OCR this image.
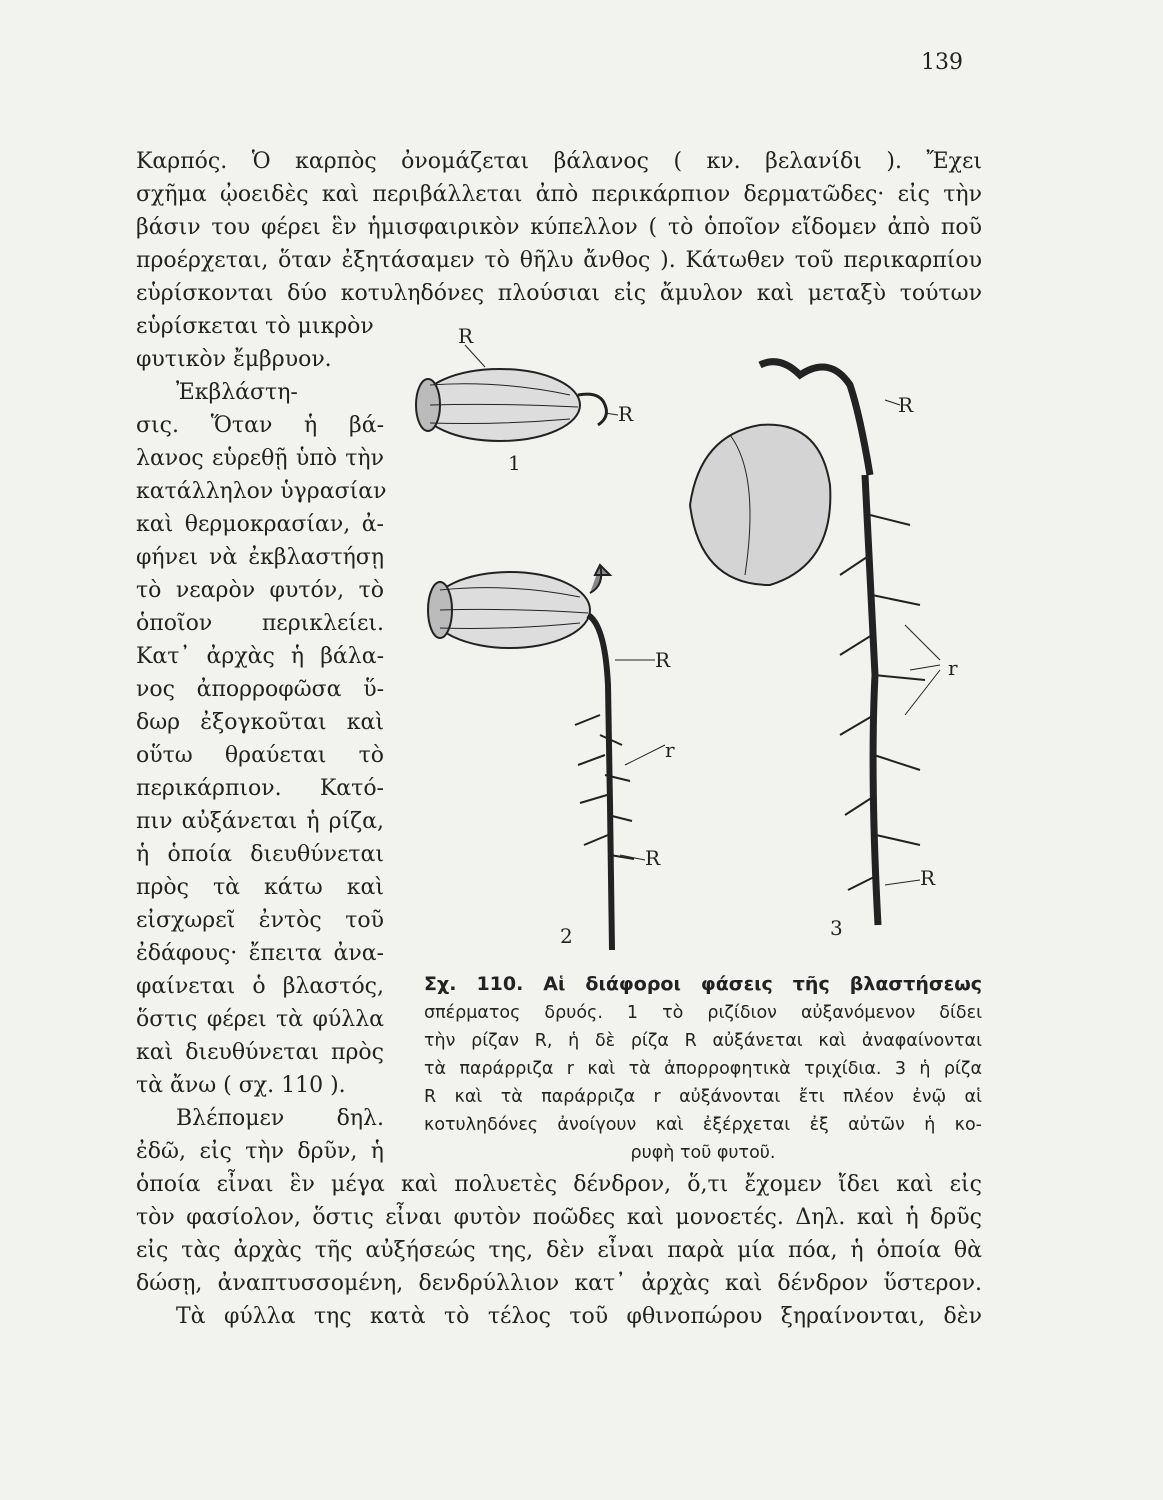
139
Καρπός. Ὁ καρπὸς ὀνομάζεται βάλανος ( κν. βελανίδι ). Ἔχει
σχῆμα ᾠοειδὲς καὶ περιβάλλεται ἀπὸ περικάρπιον δερματῶδες· εἰς τὴν
βάσιν του φέρει ἓν ἡμισφαιρικὸν κύπελλον ( τὸ ὁποῖον εἴδομεν ἀπὸ ποῦ
προέρχεται, ὅταν ἐξητάσαμεν τὸ θῆλυ ἄνθος ). Κάτωθεν τοῦ περικαρπίου
εὑρίσκονται δύο κοτυληδόνες πλούσιαι εἰς ἄμυλον καὶ μεταξὺ τούτων
εὑρίσκεται τὸ μικρὸν
φυτικὸν ἔμβρυον.
Ἐκβλάστη-
σις. Ὅταν ἡ βά-
λανος εὑρεθῇ ὑπὸ τὴν
κατάλληλον ὑγρασίαν
καὶ θερμοκρασίαν, ἀ-
φήνει νὰ ἐκβλαστήσῃ
τὸ νεαρὸν φυτόν, τὸ
ὁποῖον περικλείει.
Κατ᾽ ἀρχὰς ἡ βάλα-
νος ἀπορροφῶσα ὕ-
δωρ ἐξογκοῦται καὶ
οὕτω θραύεται τὸ
περικάρπιον. Κατό-
πιν αὐξάνεται ἡ ρίζα,
ἡ ὁποία διευθύνεται
πρὸς τὰ κάτω καὶ
εἰσχωρεῖ ἐντὸς τοῦ
ἐδάφους· ἔπειτα ἀνα-
φαίνεται ὁ βλαστός,
ὅστις φέρει τὰ φύλλα
καὶ διευθύνεται πρὸς
τὰ ἄνω ( σχ. 110 ).
Βλέπομεν δηλ.
ἐδῶ, εἰς τὴν δρῦν, ἡ
ὁποία εἶναι ἓν μέγα καὶ πολυετὲς δένδρον, ὅ,τι ἔχομεν ἴδει καὶ εἰς
τὸν φασίολον, ὅστις εἶναι φυτὸν ποῶδες καὶ μονοετές. Δηλ. καὶ ἡ δρῦς
εἰς τὰς ἀρχὰς τῆς αὐξήσεώς της, δὲν εἶναι παρὰ μία πόα, ἡ ὁποία θὰ
δώσῃ, ἀναπτυσσομένη, δενδρύλλιον κατ᾽ ἀρχὰς καὶ δένδρον ὕστερον.
Τὰ φύλλα της κατὰ τὸ τέλος τοῦ φθινοπώρου ξηραίνονται, δὲν
R
R
1
R
r
R
2
R
r
R
3
Σχ. 110. Αἱ διάφοροι φάσεις τῆς βλαστήσεως
σπέρματος δρυός. 1 τὸ ριζίδιον αὐξανόμενον δίδει
τὴν ρίζαν R, ἡ δὲ ρίζα R αὐξάνεται καὶ ἀναφαίνονται
τὰ παράρριζα r καὶ τὰ ἀπορροφητικὰ τριχίδια. 3 ἡ ρίζα
R καὶ τὰ παράρριζα r αὐξάνονται ἔτι πλέον ἐνῷ αἱ
κοτυληδόνες ἀνοίγουν καὶ ἐξέρχεται ἐξ αὐτῶν ἡ κο-
ρυφὴ τοῦ φυτοῦ.
